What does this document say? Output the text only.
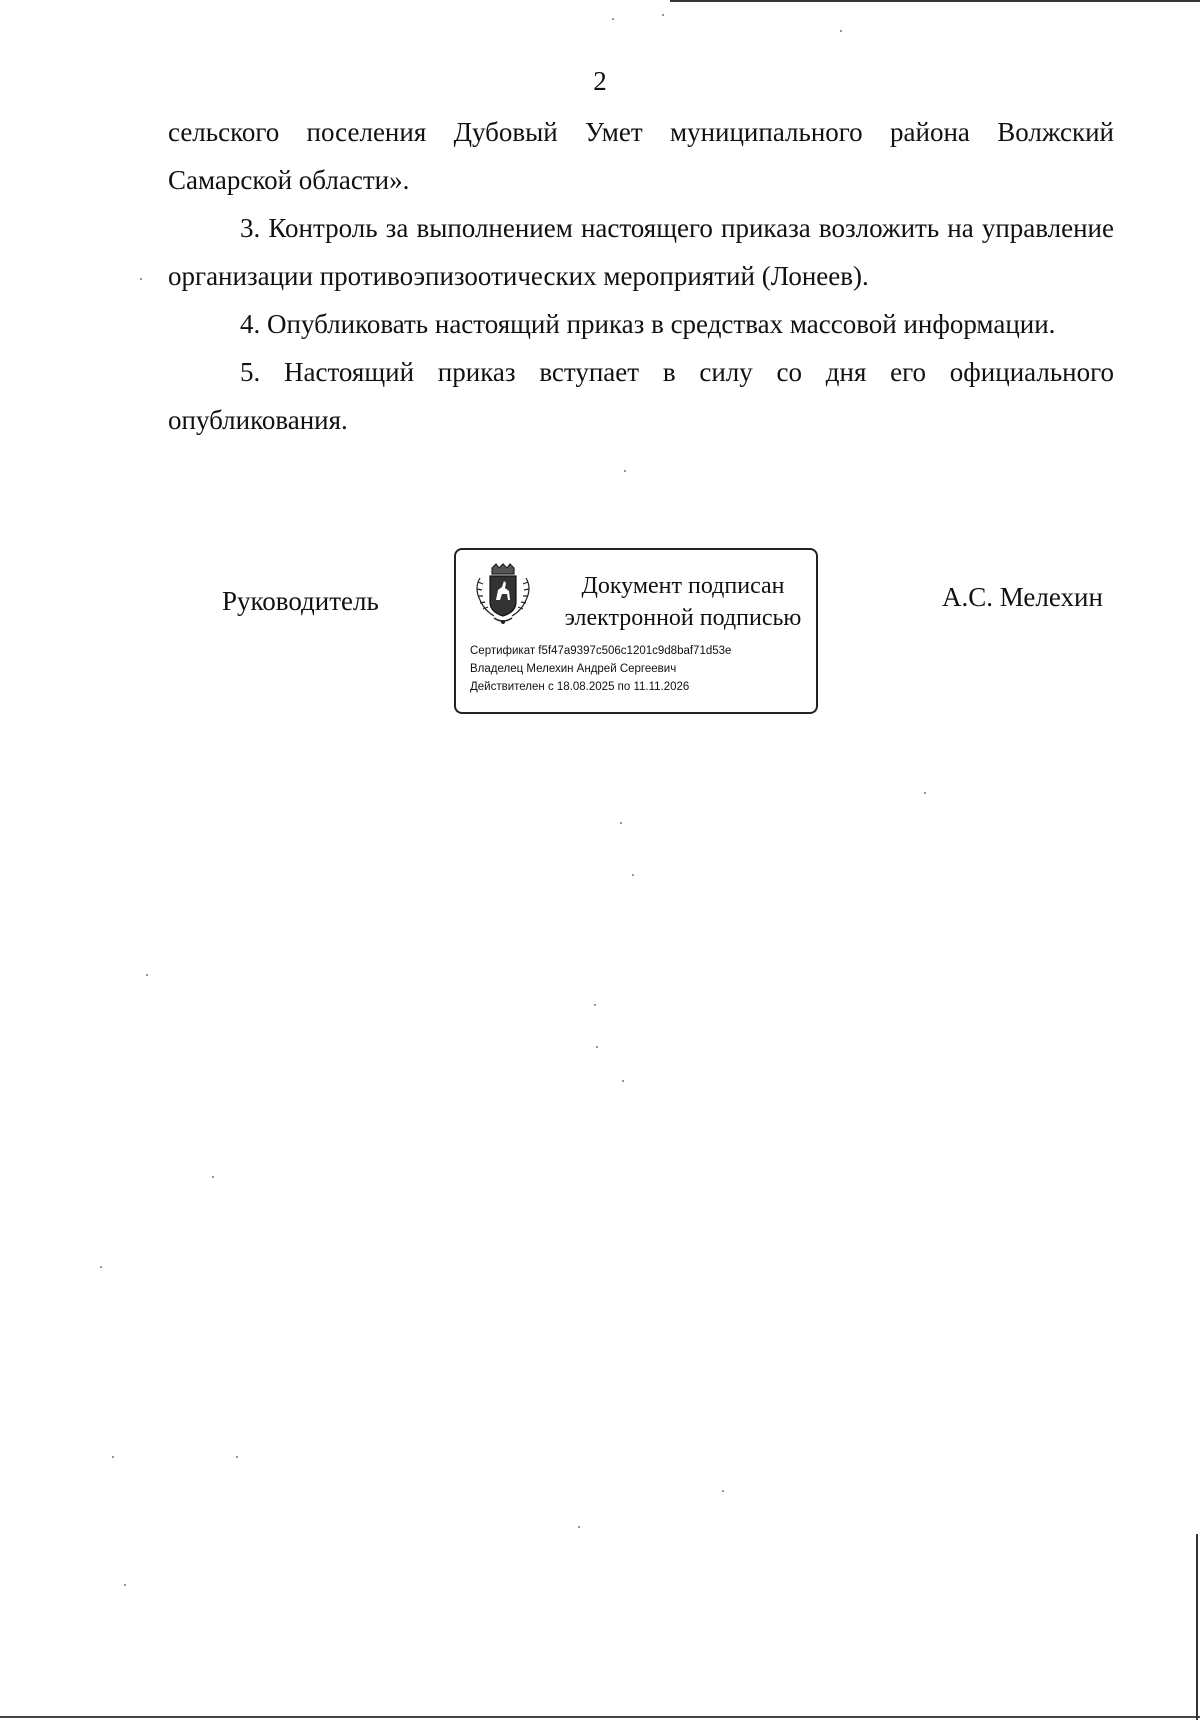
2

сельского поселения Дубовый Умет муниципального района Волжский Самарской области».

3. Контроль за выполнением настоящего приказа возложить на управление организации противоэпизоотических мероприятий (Лонеев).

4. Опубликовать настоящий приказ в средствах массовой информации.

5. Настоящий приказ вступает в силу со дня его официального опубликования.

Руководитель	Документ подписан
электронной подписью
Сертификат f5f47a9397c506c1201c9d8baf71d53e
Владелец Мелехин Андрей Сергеевич
Действителен с 18.08.2025 по 11.11.2026
А.С. Мелехин
